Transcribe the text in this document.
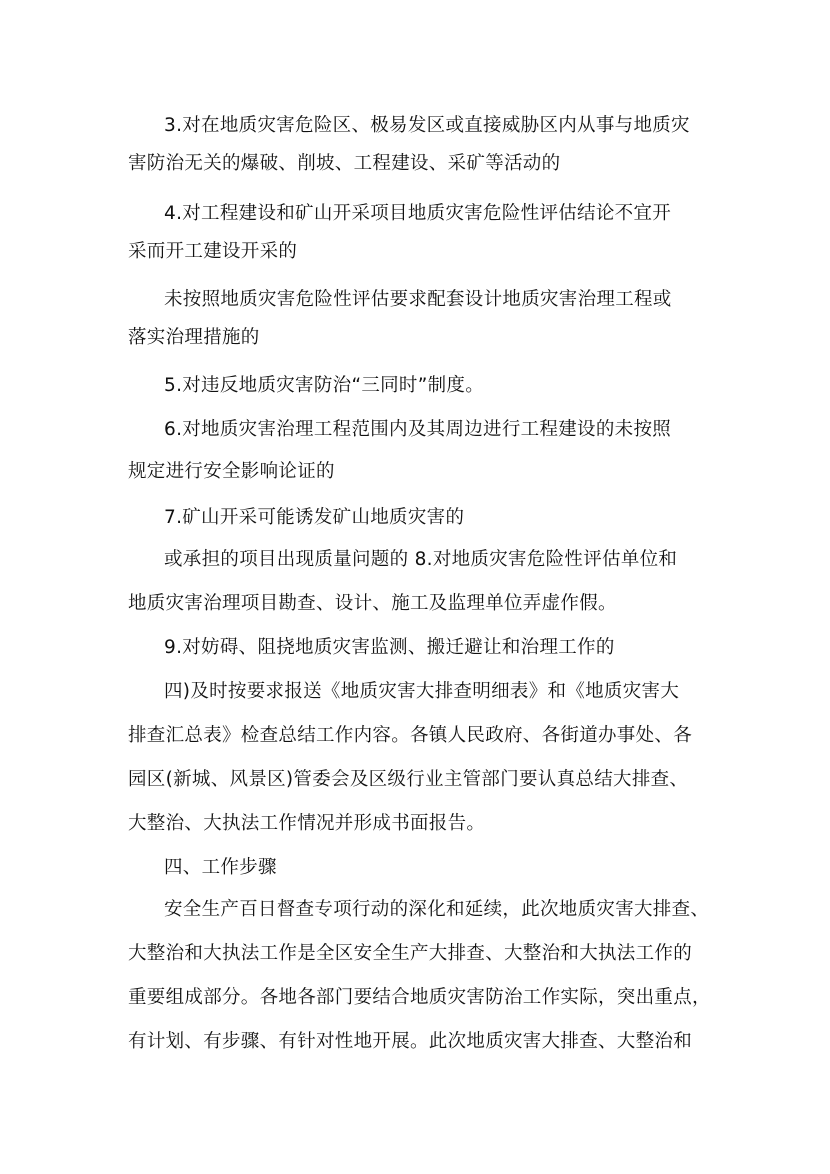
3.对在地质灾害危险区、极易发区或直接威胁区内从事与地质灾
害防治无关的爆破、削坡、工程建设、采矿等活动的
4.对工程建设和矿山开采项目地质灾害危险性评估结论不宜开
采而开工建设开采的
未按照地质灾害危险性评估要求配套设计地质灾害治理工程或
落实治理措施的
5.对违反地质灾害防治“三同时”制度。
6.对地质灾害治理工程范围内及其周边进行工程建设的未按照
规定进行安全影响论证的
7.矿山开采可能诱发矿山地质灾害的
或承担的项目出现质量问题的 8.对地质灾害危险性评估单位和
地质灾害治理项目勘查、设计、施工及监理单位弄虚作假。
9.对妨碍、阻挠地质灾害监测、搬迁避让和治理工作的
四)及时按要求报送《地质灾害大排查明细表》和《地质灾害大
排查汇总表》检查总结工作内容。各镇人民政府、各街道办事处、各
园区(新城、风景区)管委会及区级行业主管部门要认真总结大排查、
大整治、大执法工作情况并形成书面报告。
四、工作步骤
安全生产百日督查专项行动的深化和延续，此次地质灾害大排查、
大整治和大执法工作是全区安全生产大排查、大整治和大执法工作的
重要组成部分。各地各部门要结合地质灾害防治工作实际，突出重点，
有计划、有步骤、有针对性地开展。此次地质灾害大排查、大整治和
